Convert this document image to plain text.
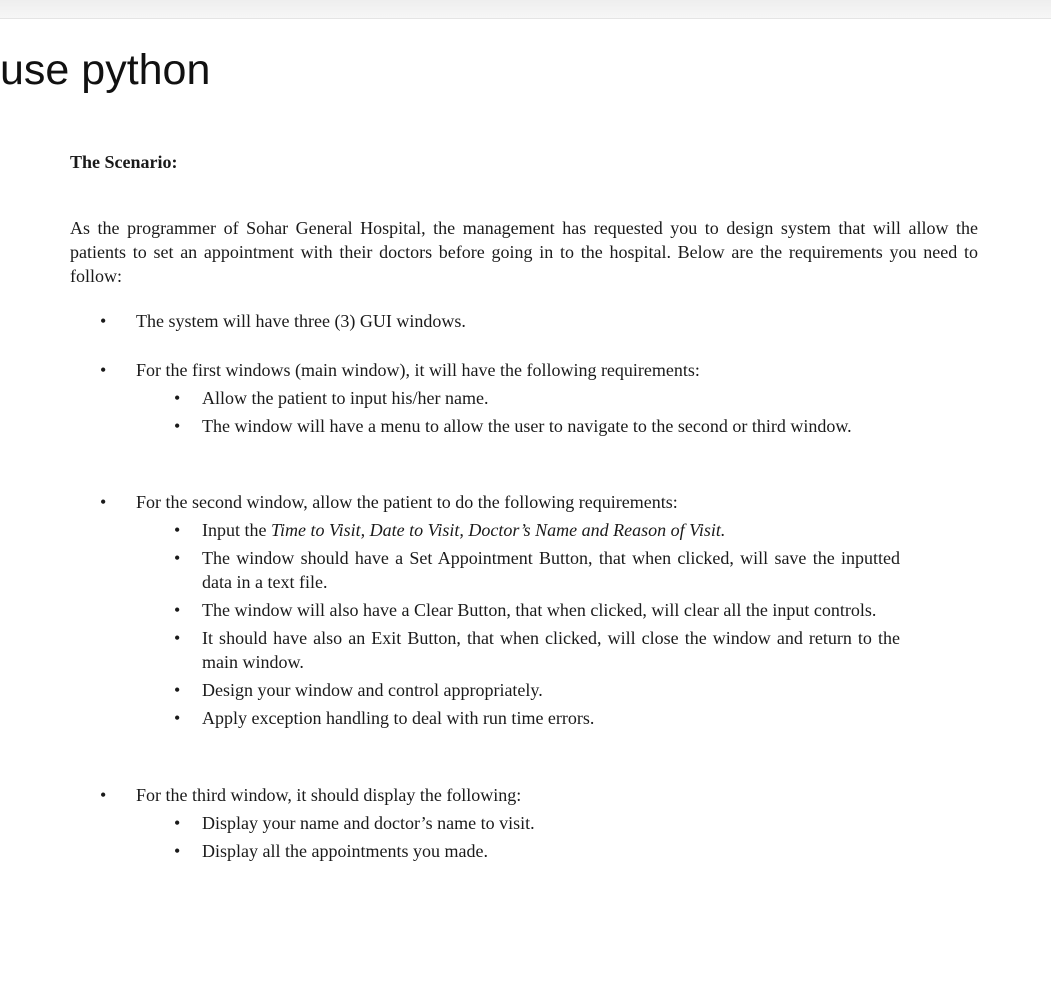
use python
The Scenario:
As the programmer of Sohar General Hospital, the management has requested you to design system that will allow the patients to set an appointment with their doctors before going in to the hospital. Below are the requirements you need to follow:
• The system will have three (3) GUI windows.
• For the first windows (main window), it will have the following requirements:
• Allow the patient to input his/her name.
• The window will have a menu to allow the user to navigate to the second or third window.
• For the second window, allow the patient to do the following requirements:
• Input the Time to Visit, Date to Visit, Doctor’s Name and Reason of Visit.
• The window should have a Set Appointment Button, that when clicked, will save the inputted data in a text file.
• The window will also have a Clear Button, that when clicked, will clear all the input controls.
• It should have also an Exit Button, that when clicked, will close the window and return to the main window.
• Design your window and control appropriately.
• Apply exception handling to deal with run time errors.
• For the third window, it should display the following:
• Display your name and doctor’s name to visit.
• Display all the appointments you made.
